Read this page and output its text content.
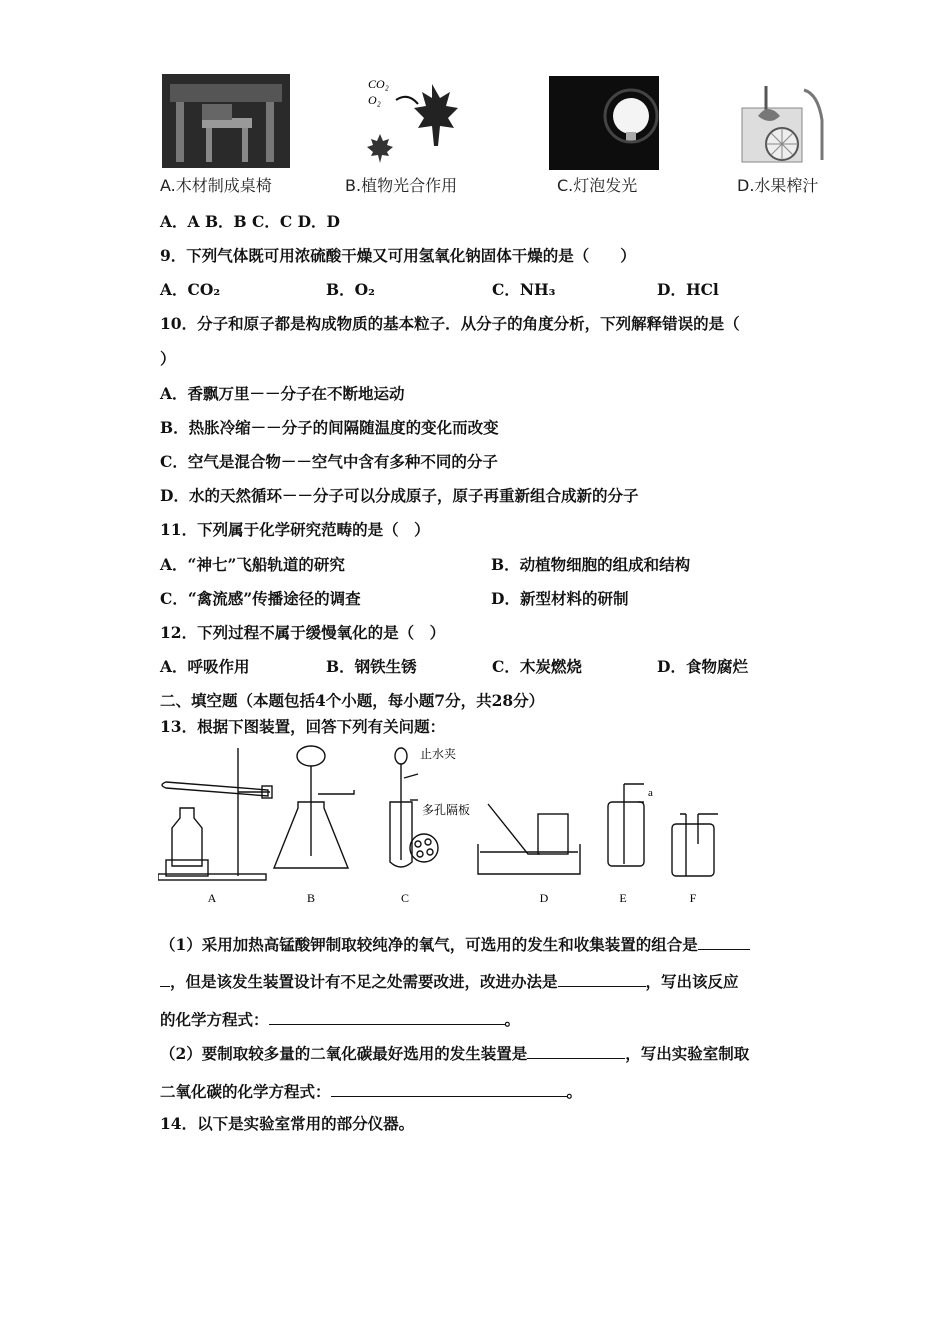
A.木材制成桌椅
CO₂
O₂
B.植物光合作用	C.灯泡发光	D.水果榨汁
A．A B．B C．C D．D
9．下列气体既可用浓硫酸干燥又可用氢氧化钠固体干燥的是（　　）
A．CO₂	B．O₂	C．NH₃	D．HCl
10．分子和原子都是构成物质的基本粒子．从分子的角度分析，下列解释错误的是（
）
A．香飘万里－－分子在不断地运动
B．热胀冷缩－－分子的间隔随温度的变化而改变
C．空气是混合物－－空气中含有多种不同的分子
D．水的天然循环－－分子可以分成原子，原子再重新组合成新的分子
11．下列属于化学研究范畴的是（　）
A．“神七”飞船轨道的研究	B．动植物细胞的组成和结构
C．“禽流感”传播途径的调查	D．新型材料的研制
12．下列过程不属于缓慢氧化的是（　）
A．呼吸作用	B．钢铁生锈	C．木炭燃烧	D．食物腐烂
二、填空题（本题包括4个小题，每小题7分，共28分）
13．根据下图装置，回答下列有关问题：
止水夹
多孔隔板
a
A	B	C	D	E	F
（1）采用加热高锰酸钾制取较纯净的氧气，可选用的发生和收集装置的组合是
，但是该发生装置设计有不足之处需要改进，改进办法是	，写出该反应
的化学方程式：	。
（2）要制取较多量的二氧化碳最好选用的发生装置是	，写出实验室制取
二氧化碳的化学方程式：	。
14．以下是实验室常用的部分仪器。
